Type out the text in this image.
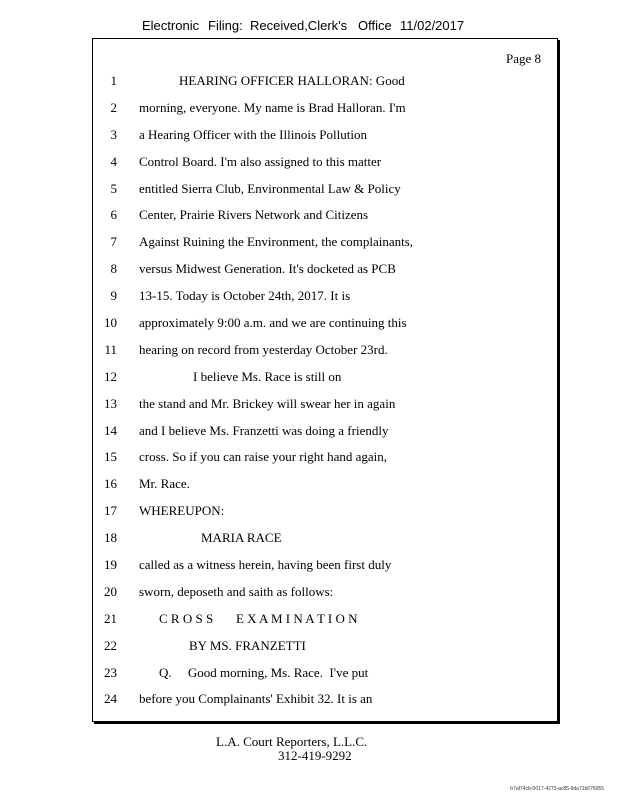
Electronic Filing: Received,Clerk's Office 11/02/2017
Page 8
1	HEARING OFFICER HALLORAN: Good
2 morning, everyone. My name is Brad Halloran. I'm
3 a Hearing Officer with the Illinois Pollution
4 Control Board. I'm also assigned to this matter
5 entitled Sierra Club, Environmental Law & Policy
6 Center, Prairie Rivers Network and Citizens
7 Against Ruining the Environment, the complainants,
8 versus Midwest Generation. It's docketed as PCB
9 13-15. Today is October 24th, 2017. It is
10 approximately 9:00 a.m. and we are continuing this
11 hearing on record from yesterday October 23rd.
12	I believe Ms. Race is still on
13 the stand and Mr. Brickey will swear her in again
14 and I believe Ms. Franzetti was doing a friendly
15 cross. So if you can raise your right hand again,
16 Mr. Race.
17 WHEREUPON:
18	MARIA RACE
19 called as a witness herein, having been first duly
20 sworn, deposeth and saith as follows:
21	C R O S S       E X A M I N A T I O N
22	BY MS. FRANZETTI
23	Q.     Good morning, Ms. Race.  I've put
24 before you Complainants' Exhibit 32. It is an
L.A. Court Reporters, L.L.C.
312-419-9292
b7af74cb-0017-4273-ac85-9da71b675055
